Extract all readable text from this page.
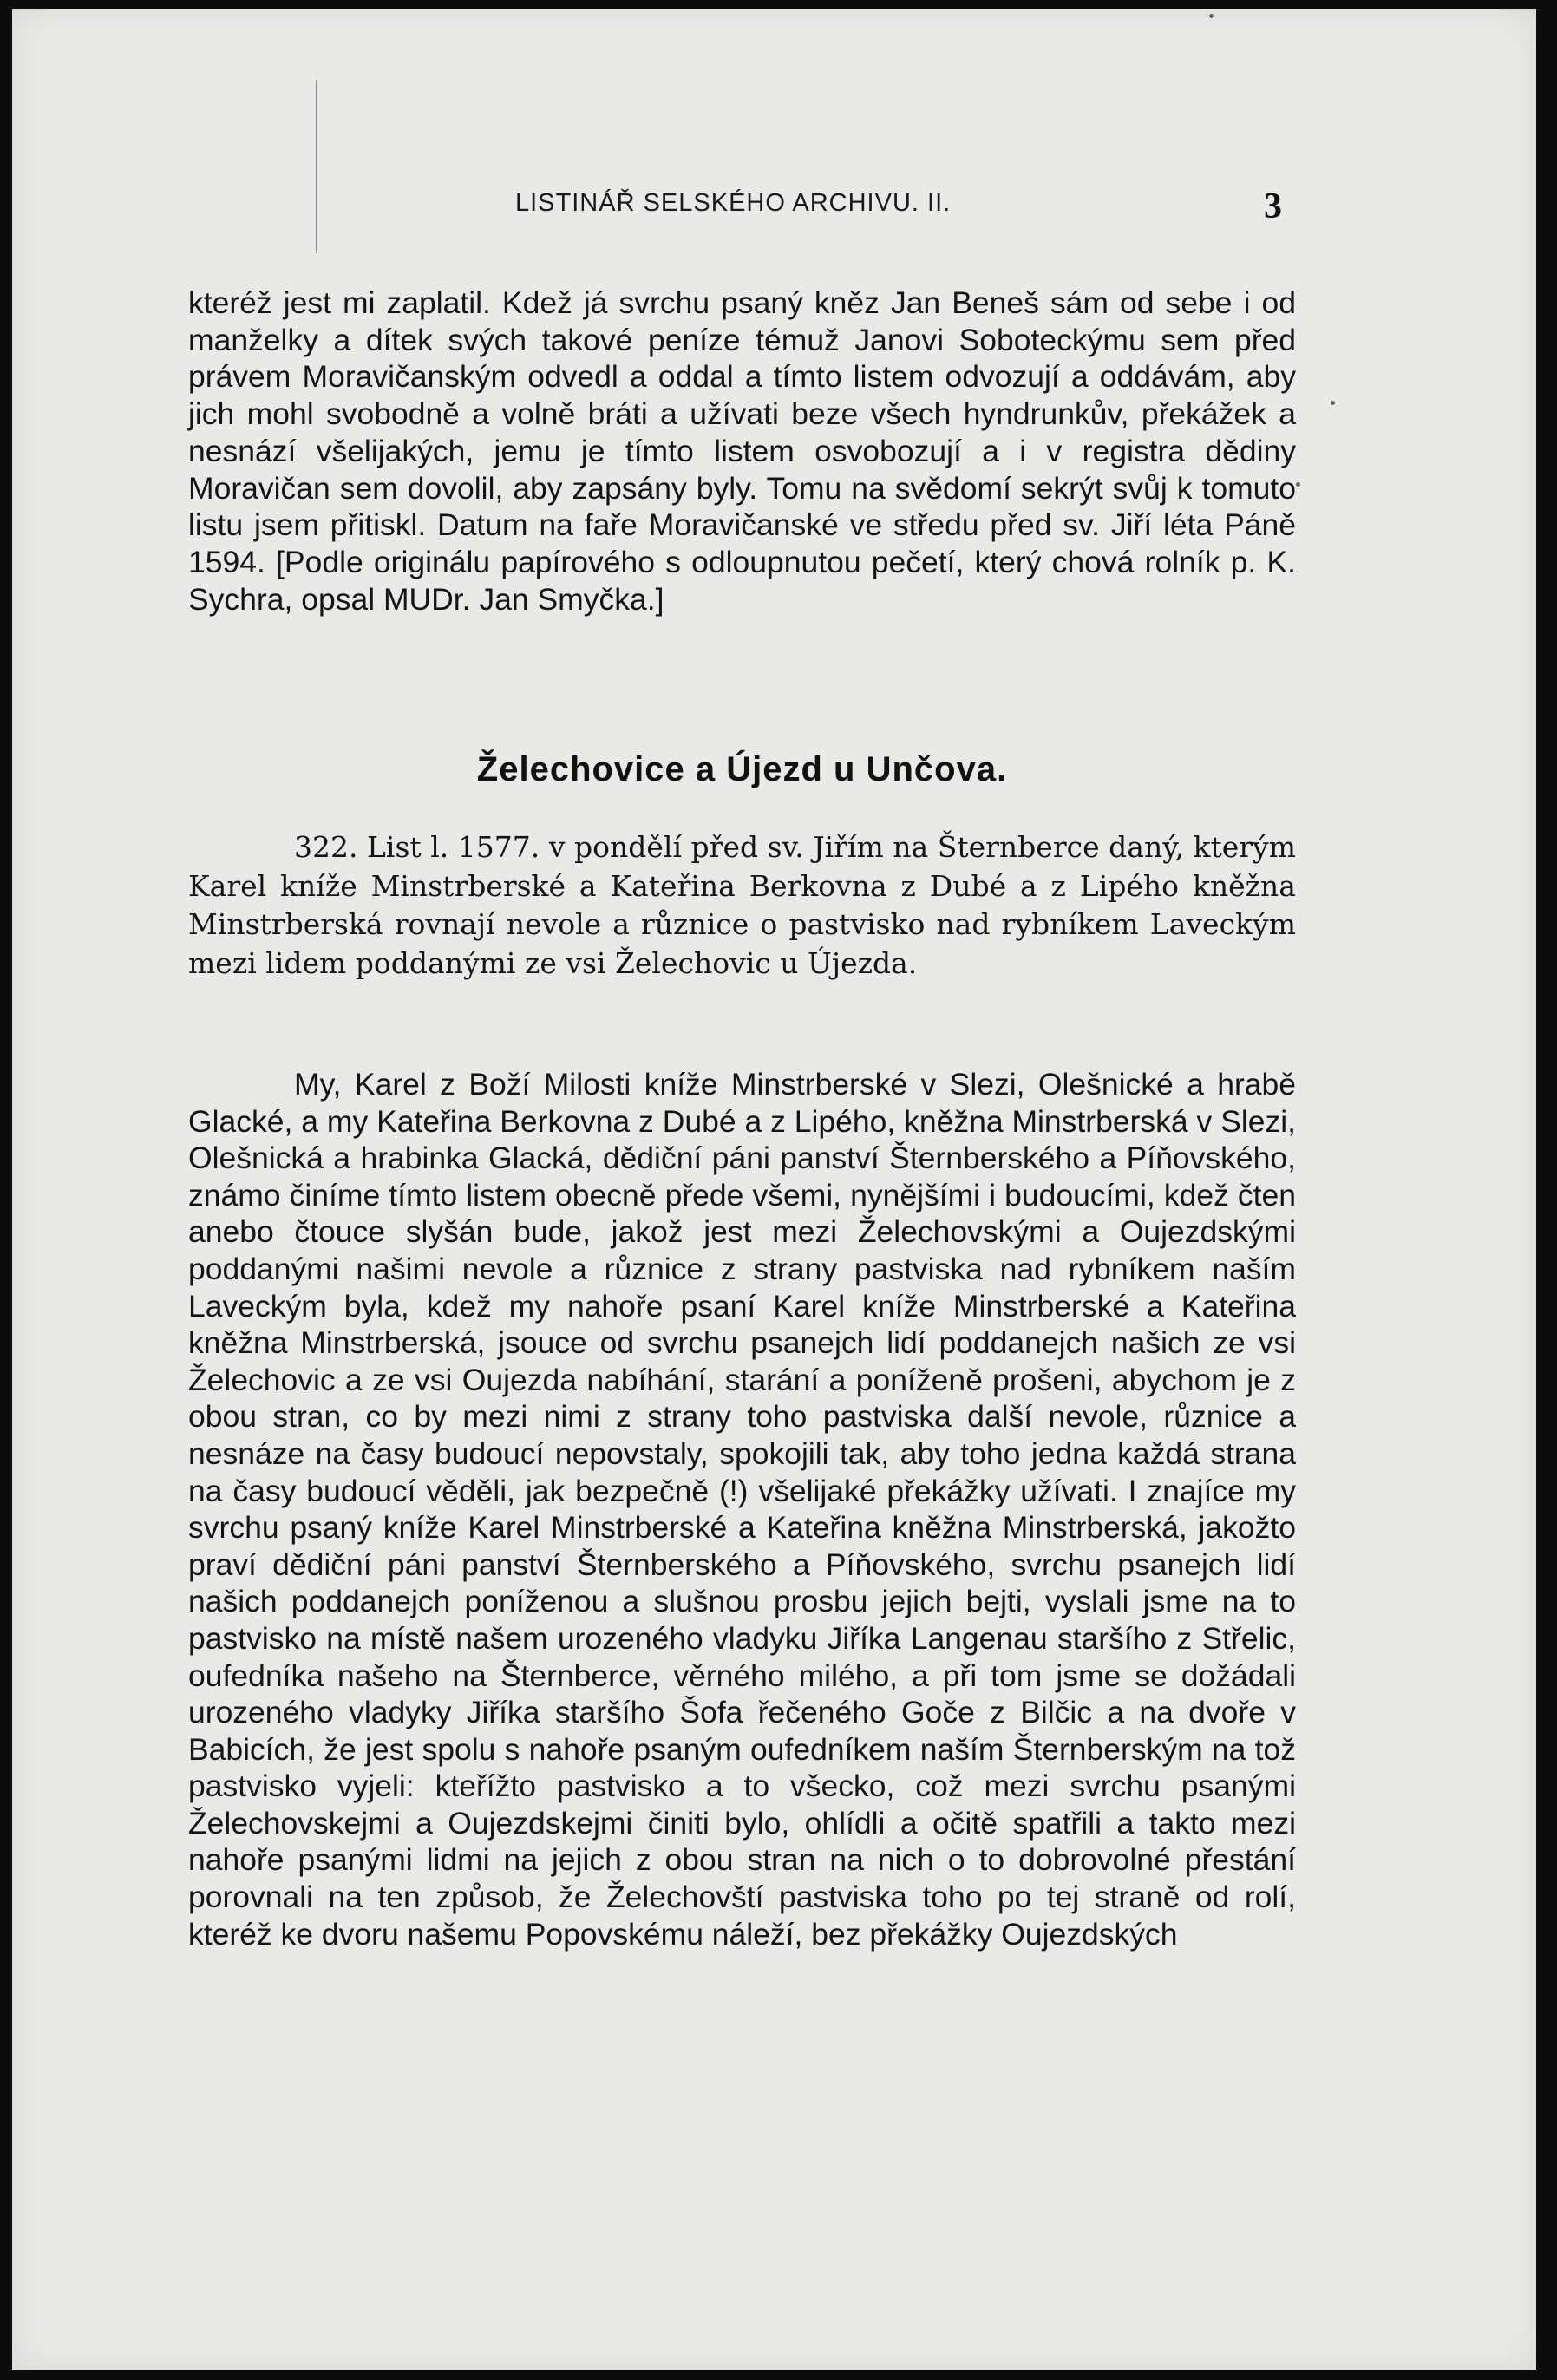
LISTINÁŘ SELSKÉHO ARCHIVU. II.	3

kteréž jest mi zaplatil. Kdež já svrchu psaný kněz Jan Beneš sám od sebe i od manželky a dítek svých takové peníze témuž Janovi Soboteckýmu sem před právem Moravičanským odvedl a oddal a tímto listem odvozují a oddávám, aby jich mohl svobodně a volně bráti a užívati beze všech hyndrunkův, překážek a nesnází všelijakých, jemu je tímto listem osvobozují a i v registra dědiny Moravičan sem dovolil, aby zapsány byly. Tomu na svědomí sekrýt svůj k tomuto listu jsem přitiskl. Datum na faře Moravičanské ve středu před sv. Jiří léta Páně 1594. [Podle originálu papírového s odloupnutou pečetí, který chová rolník p. K. Sychra, opsal MUDr. Jan Smyčka.]

Želechovice a Újezd u Unčova.

322. List l. 1577. v pondělí před sv. Jiřím na Šternberce daný, kterým Karel kníže Minstrberské a Kateřina Berkovna z Dubé a z Lipého kněžna Minstrberská rovnají nevole a různice o pastvisko nad rybníkem Laveckým mezi lidem poddanými ze vsi Želechovic u Újezda.

My, Karel z Boží Milosti kníže Minstrberské v Slezi, Olešnické a hrabě Glacké, a my Kateřina Berkovna z Dubé a z Lipého, kněžna Minstrberská v Slezi, Olešnická a hrabinka Glacká, dědiční páni panství Šternberského a Píňovského, známo činíme tímto listem obecně přede všemi, nynějšími i budoucími, kdež čten anebo čtouce slyšán bude, jakož jest mezi Želechovskými a Oujezdskými poddanými našimi nevole a různice z strany pastviska nad rybníkem naším Laveckým byla, kdež my nahoře psaní Karel kníže Minstrberské a Kateřina kněžna Minstrberská, jsouce od svrchu psanejch lidí poddanejch našich ze vsi Želechovic a ze vsi Oujezda nabíhání, starání a poníženě prošeni, abychom je z obou stran, co by mezi nimi z strany toho pastviska další nevole, různice a nesnáze na časy budoucí nepovstaly, spokojili tak, aby toho jedna každá strana na časy budoucí věděli, jak bezpečně (!) všelijaké překážky užívati. I znajíce my svrchu psaný kníže Karel Minstrberské a Kateřina kněžna Minstrberská, jakožto praví dědiční páni panství Šternberského a Píňovského, svrchu psanejch lidí našich poddanejch poníženou a slušnou prosbu jejich bejti, vyslali jsme na to pastvisko na místě našem urozeného vladyku Jiříka Langenau staršího z Střelic, oufedníka našeho na Šternberce, věrného milého, a při tom jsme se dožádali urozeného vladyky Jiříka staršího Šofa řečeného Goče z Bilčic a na dvoře v Babicích, že jest spolu s nahoře psaným oufedníkem naším Šternberským na tož pastvisko vyjeli: kteřížto pastvisko a to všecko, což mezi svrchu psanými Želechovskejmi a Oujezdskejmi činiti bylo, ohlídli a očitě spatřili a takto mezi nahoře psanými lidmi na jejich z obou stran na nich o to dobrovolné přestání porovnali na ten způsob, že Želechovští pastviska toho po tej straně od rolí, kteréž ke dvoru našemu Popovskému náleží, bez překážky Oujezdských
